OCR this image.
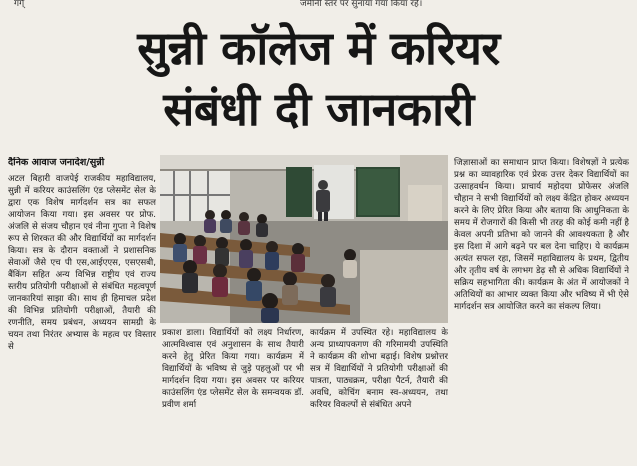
गर्ग्	जमीनी स्तर पर सुनाया गया किया रहे।
सुन्नी कॉलेज में करियर
संबंधी दी जानकारी

दैनिक आवाज जनादेश/सुन्नी

अटल बिहारी वाजपेई राजकीय महाविद्यालय, सुन्नी में करियर काउंसलिंग एंड प्लेसमेंट सेल के द्वारा एक विशेष मार्गदर्शन सत्र का सफल आयोजन किया गया। इस अवसर पर प्रोफ. अंजलि से संजय चौहान एवं नीना गुप्ता ने विशेष रूप से शिरकत की और विद्यार्थियों का मार्गदर्शन किया। सत्र के दौरान वक्ताओं ने प्रशासनिक सेवाओं जैसे एच पी एस,आईएएस, एसएसबी, बैंकिंग सहित अन्य विभिन्न राष्ट्रीय एवं राज्य स्तरीय प्रतियोगी परीक्षाओं से संबंधित महत्वपूर्ण जानकारियां साझा की। साथ ही हिमाचल प्रदेश की विभिन्न प्रतियोगी परीक्षाओं, तैयारी की रणनीति, समय प्रबंधन, अध्ययन सामग्री के चयन तथा निरंतर अभ्यास के महत्व पर विस्तार से

प्रकाश डाला। विद्यार्थियों को लक्ष्य निर्धारण, आत्मविश्वास एवं अनुशासन के साथ तैयारी करने हेतु प्रेरित किया गया। कार्यक्रम में विद्यार्थियों के भविष्य से जुड़े पहलुओं पर भी मार्गदर्शन दिया गया। इस अवसर पर करियर काउंसलिंग एंड प्लेसमेंट सेल के समन्वयक डॉ. प्रवीण शर्मा

कार्यक्रम में उपस्थित रहे। महाविद्यालय के अन्य प्राध्यापकगण की गरिमामयी उपस्थिति ने कार्यक्रम की शोभा बढ़ाई। विशेष प्रश्नोत्तर सत्र में विद्यार्थियों ने प्रतियोगी परीक्षाओं की पात्रता, पाठ्यक्रम, परीक्षा पैटर्न, तैयारी की अवधि, कोचिंग बनाम स्व-अध्ययन, तथा करियर विकल्पों से संबंधित अपने

जिज्ञासाओं का समाधान प्राप्त किया। विशेषज्ञों ने प्रत्येक प्रश्न का व्यावहारिक एवं प्रेरक उत्तर देकर विद्यार्थियों का उत्साहवर्धन किया। प्राचार्य महोदया प्रोफेसर अंजलि चौहान ने सभी विद्यार्थियों को लक्ष्य केंद्रित होकर अध्ययन करने के लिए प्रेरित किया और बताया कि आधुनिकता के समय में रोजगारों की किसी भी तरह की कोई कमी नहीं है केवल अपनी प्रतिभा को जानने की आवश्यकता है और इस दिशा में आगे बढ़ने पर बल देना चाहिए। ये कार्यक्रम अत्यंत सफल रहा, जिसमें महाविद्यालय के प्रथम, द्वितीय और तृतीय वर्ष के लगभग डेढ़ सौ से अधिक विद्यार्थियों ने सक्रिय सहभागिता की। कार्यक्रम के अंत में आयोजकों ने अतिथियों का आभार व्यक्त किया और भविष्य में भी ऐसे मार्गदर्शन सत्र आयोजित करने का संकल्प लिया।
